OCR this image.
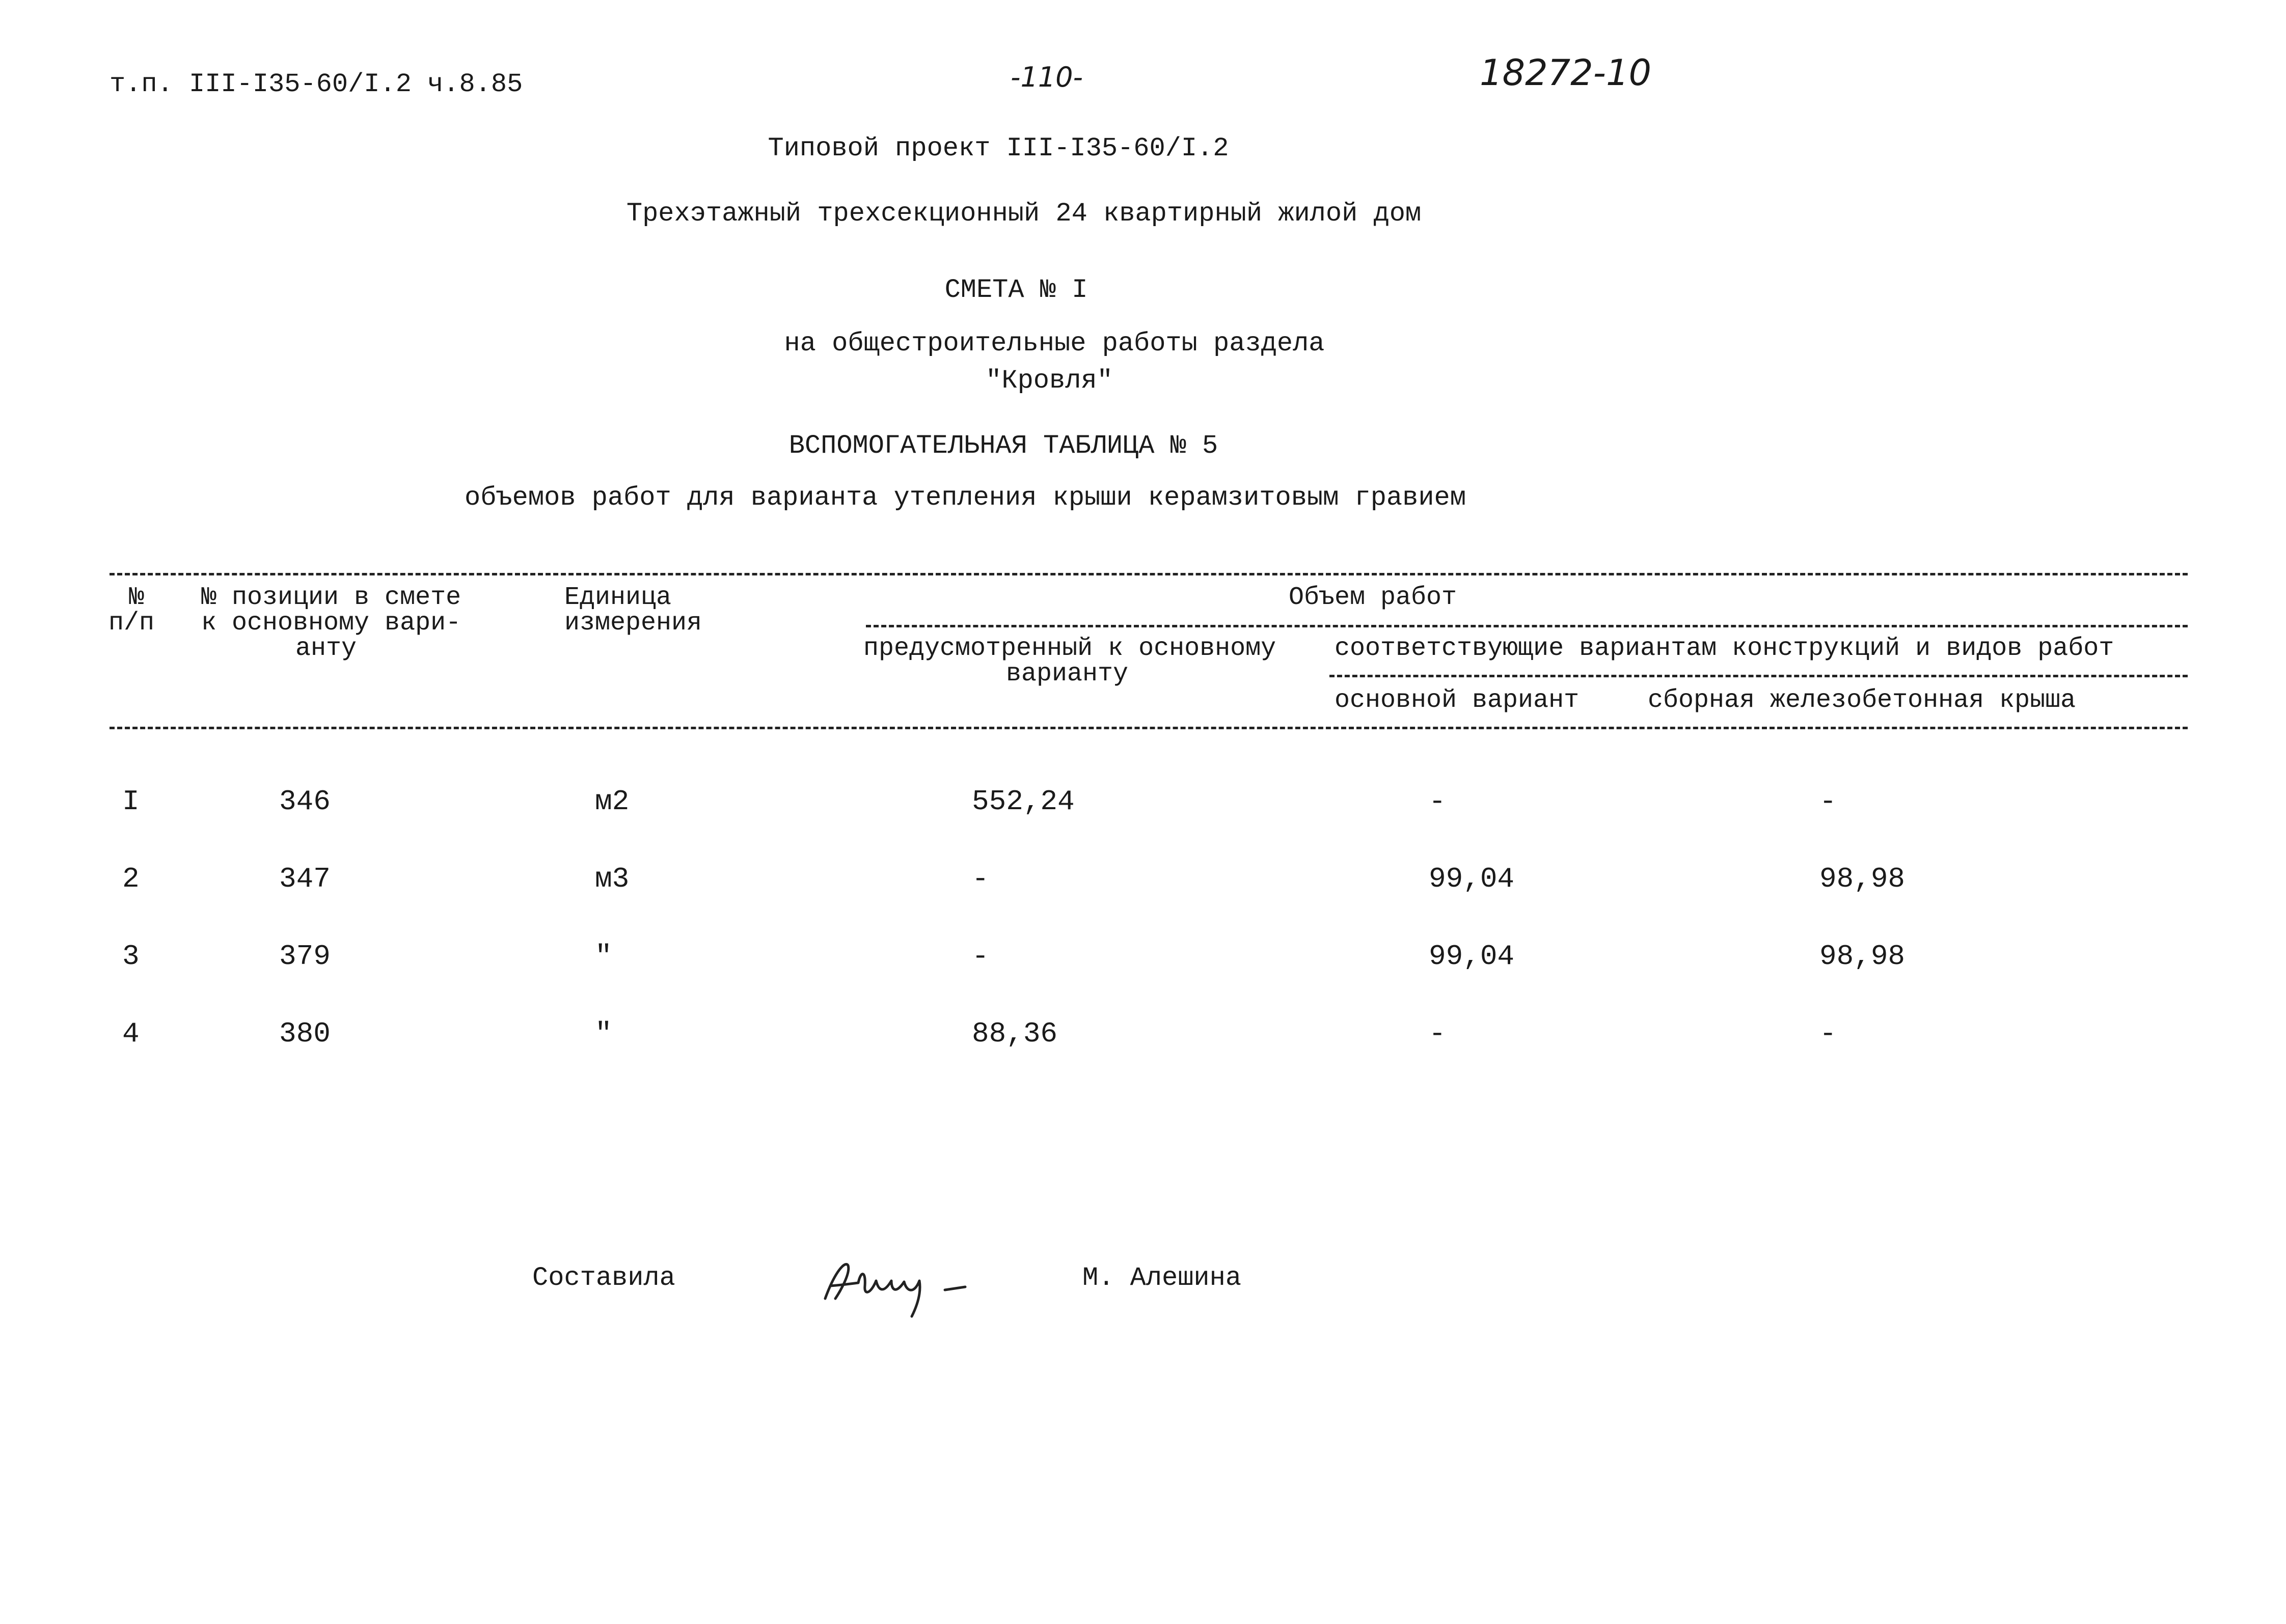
т.п. III-I35-60/I.2 ч.8.85	-110-	18272-10
Типовой проект III-I35-60/I.2
Трехэтажный трехсекционный 24 квартирный жилой дом
СМЕТА № I
на общестроительные работы раздела
"Кровля"
ВСПОМОГАТЕЛЬНАЯ ТАБЛИЦА № 5
объемов работ для варианта утепления крыши керамзитовым гравием
№
п/п
№ позиции в смете
к основному вари-
анту
Единица
измерения
Объем работ
предусмотренный к основному
варианту
соответствующие вариантам конструкций и видов работ
основной вариант	сборная железобетонная крыша
I	346	м2	552,24	-	-
2	347	м3	-	99,04	98,98
3	379	"	-	99,04	98,98
4	380	"	88,36	-	-
Составила	М. Алешина
